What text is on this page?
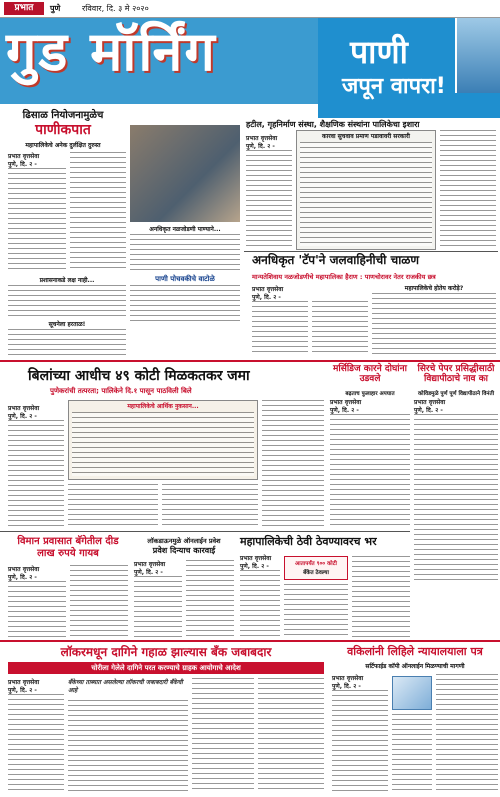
प्रभात	पुणे	रविवार, दि. ३ मे २०२०
गुड मॉर्निंग	पाणी
जपून वापरा!
ढिसाळ नियोजनामुळेच
पाणीकपात
महापालिकेचे अनेक दुर्लक्षित दुरुस्त
प्रभात वृत्तसेवा
पुणे, दि. २ -
प्रशासनाकडे लक्ष नाही...
सूचनेला हरताळ!
अनधिकृत नळजोडणी पाण्याने...
पाणी पोचवकीचे वाटोळे
हटील, गृहनिर्माण संस्था, शैक्षणिक संस्थांना पालिकेचा इशारा
प्रभात वृत्तसेवा
पुणे, दि. २ -
कारवा सुचवाव प्रमाण पडावावरी सरकारी
अनधिकृत 'टॅप'ने जलवाहिनीची चाळण
मान्यतेशिवाय नळजोडणीचे महापालिका हैराण : पाणचोरावर नेतर राजकीय छत्र
प्रभात वृत्तसेवा
पुणे, दि. २ -
महापालिकेचे होतेय करोड़े?
बिलांच्या आधीच ४९ कोटी मिळकतकर जमा
पुणेकरांची तत्परता; पालिकेने दि.१ पासून पाठविली बिले
प्रभात वृत्तसेवा
पुणे, दि. २ -
महापालिकेचे आर्थिक नुकसान...
मर्सिडिज कारने दोघांना उडवले
बढ़ताच फुलाहार अपघात
प्रभात वृत्तसेवा
पुणे, दि. २ -
सिरचे पेपर प्रसिद्धीसाठी विद्यापीठाचे नाव का
कोविडमुळे पुर्ण पूर्ण विद्यापीठाने विनंती
प्रभात वृत्तसेवा
पुणे, दि. २ -
विमान प्रवासात बॅगेतील दीड लाख रुपये गायब
प्रभात वृत्तसेवा
पुणे, दि. २ -
लॉकडाऊनमुळे ऑनलाईन प्रवेश
प्रवेश दिन्याच कारवाई
प्रभात वृत्तसेवा
पुणे, दि. २ -
महापालिकेची ठेवी ठेवण्यावरच भर
प्रभात वृत्तसेवा
पुणे, दि. २ -	आतापर्यंत ९०० कोटी
बँकेत ठेवल्या
लॉकरमधून दागिने गहाळ झाल्यास बँक जबाबदार
चोरीला गेलेले दागिने परत करण्याचे ग्राहक आयोगाचे आदेश
प्रभात वृत्तसेवा
पुणे, दि. २ -
बँकेच्या ताब्यात असलेल्या लॉकरची जबाबदारी बँकेची आहे
वकिलांनी लिहिले न्यायालयाला पत्र
सर्टिफाईड कॉपी ऑनलाईन मिळण्याची मागणी
प्रभात वृत्तसेवा
पुणे, दि. २ -
